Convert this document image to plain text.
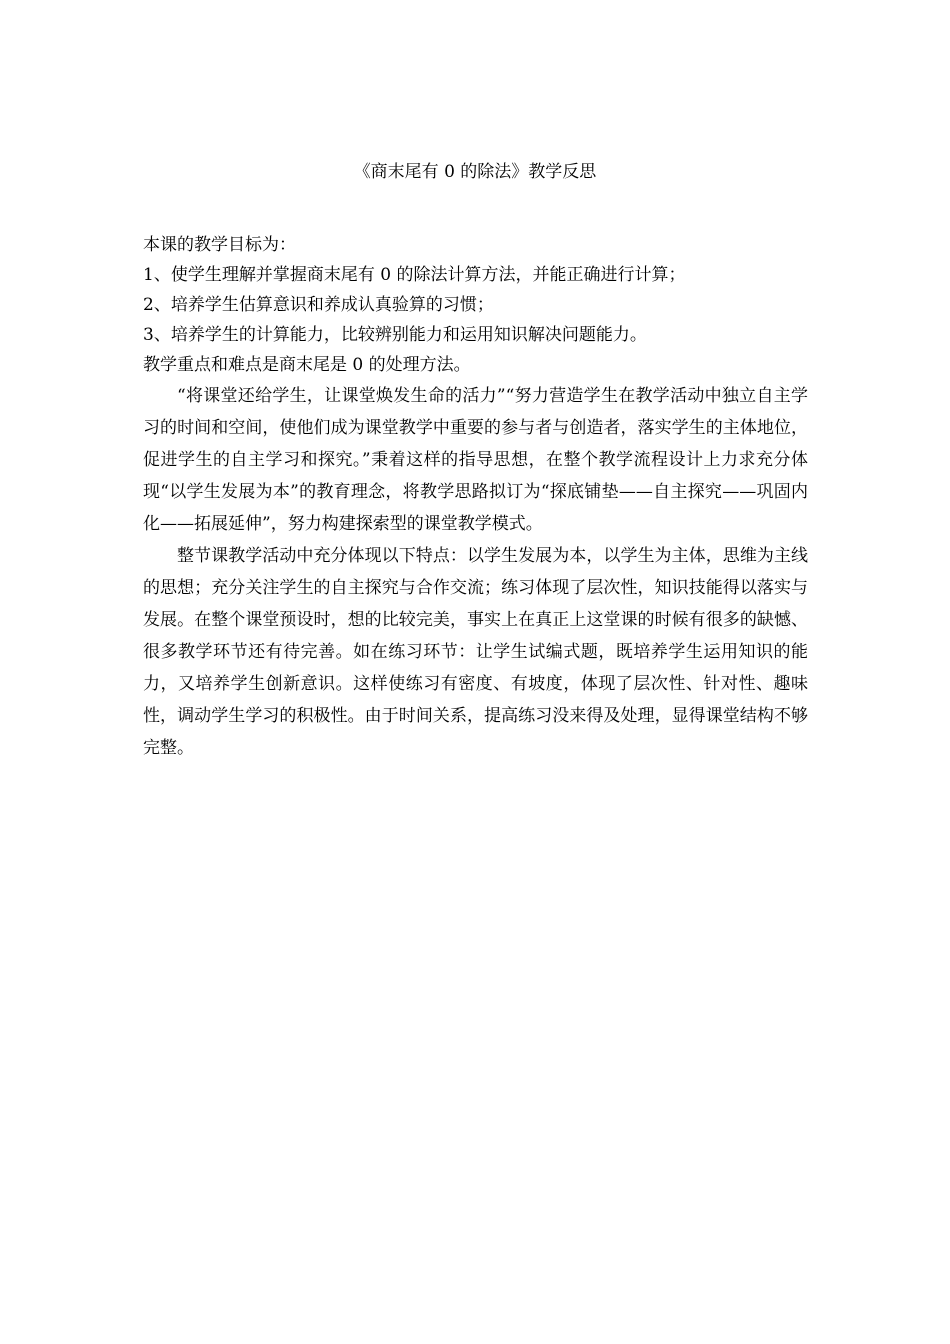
《商末尾有 0 的除法》教学反思

本课的教学目标为：

1、使学生理解并掌握商末尾有 0 的除法计算方法，并能正确进行计算；

2、培养学生估算意识和养成认真验算的习惯；

3、培养学生的计算能力，比较辨别能力和运用知识解决问题能力。

教学重点和难点是商末尾是 0 的处理方法。

“将课堂还给学生，让课堂焕发生命的活力”“努力营造学生在教学活动中独立自主学习的时间和空间，使他们成为课堂教学中重要的参与者与创造者，落实学生的主体地位，促进学生的自主学习和探究。”秉着这样的指导思想，在整个教学流程设计上力求充分体现“以学生发展为本”的教育理念，将教学思路拟订为“探底铺垫——自主探究——巩固内化——拓展延伸”，努力构建探索型的课堂教学模式。

整节课教学活动中充分体现以下特点：以学生发展为本，以学生为主体，思维为主线的思想；充分关注学生的自主探究与合作交流；练习体现了层次性，知识技能得以落实与发展。在整个课堂预设时，想的比较完美，事实上在真正上这堂课的时候有很多的缺憾、很多教学环节还有待完善。如在练习环节：让学生试编式题，既培养学生运用知识的能力，又培养学生创新意识。这样使练习有密度、有坡度，体现了层次性、针对性、趣味性，调动学生学习的积极性。由于时间关系，提高练习没来得及处理，显得课堂结构不够完整。
